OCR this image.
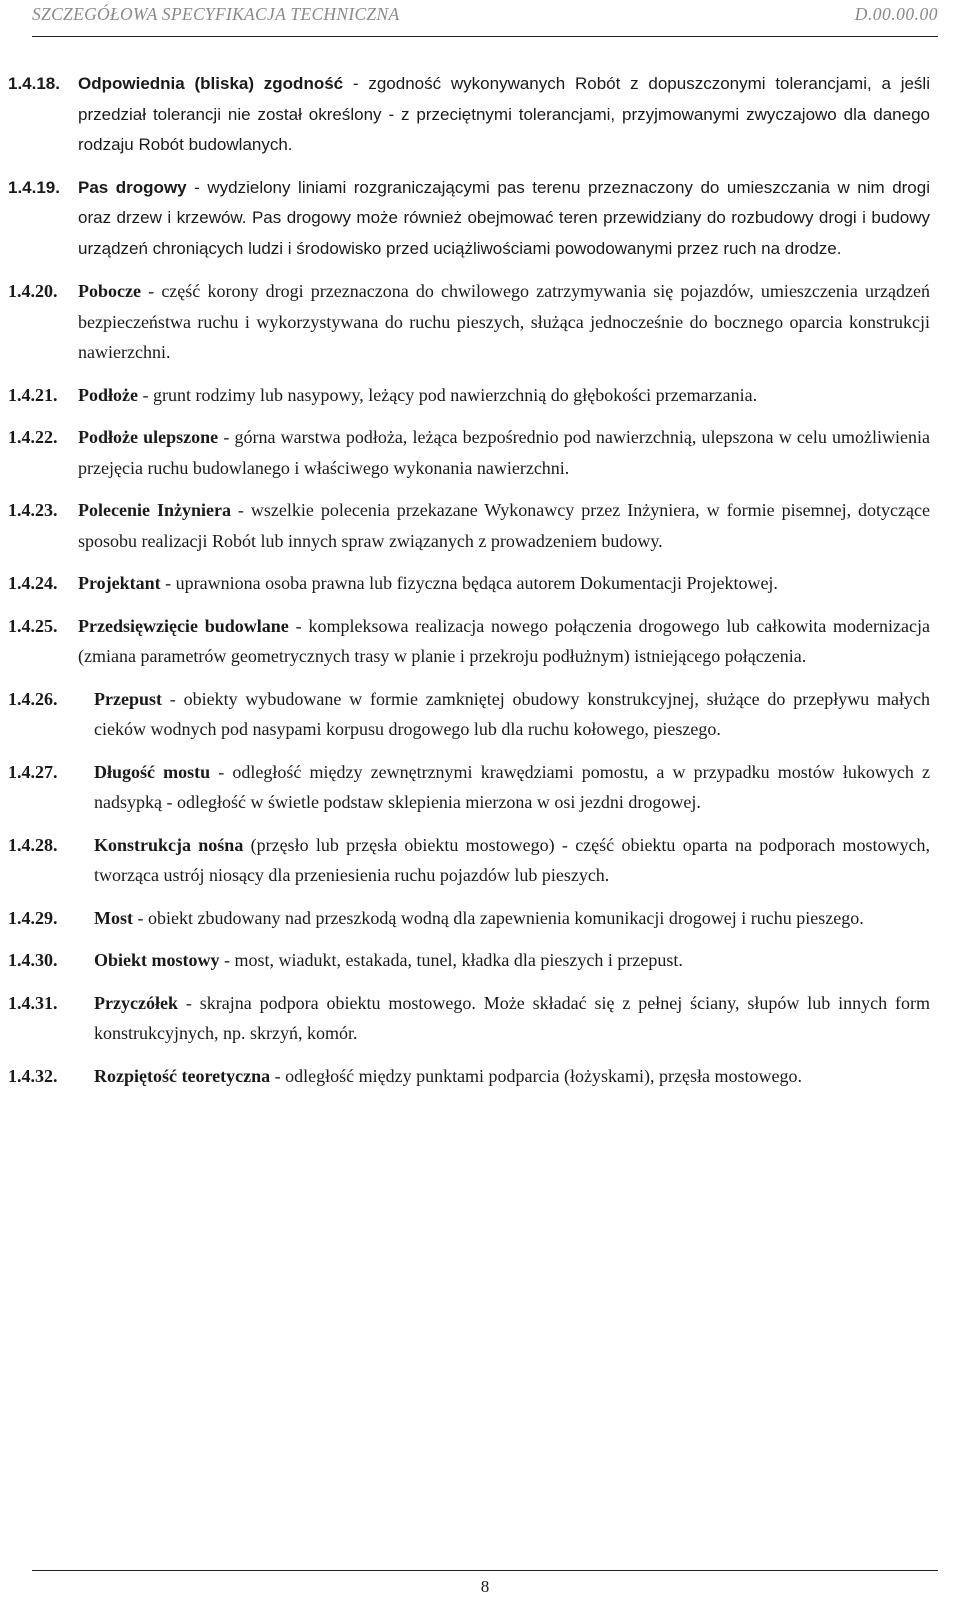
SZCZEGÓŁOWA SPECYFIKACJA TECHNICZNA	D.00.00.00
1.4.18. Odpowiednia (bliska) zgodność - zgodność wykonywanych Robót z dopuszczonymi tolerancjami, a jeśli przedział tolerancji nie został określony - z przeciętnymi tolerancjami, przyjmowanymi zwyczajowo dla danego rodzaju Robót budowlanych.
1.4.19. Pas drogowy - wydzielony liniami rozgraniczającymi pas terenu przeznaczony do umieszczania w nim drogi oraz drzew i krzewów. Pas drogowy może również obejmować teren przewidziany do rozbudowy drogi i budowy urządzeń chroniących ludzi i środowisko przed uciążliwościami powodowanymi przez ruch na drodze.
1.4.20. Pobocze - część korony drogi przeznaczona do chwilowego zatrzymywania się pojazdów, umieszczenia urządzeń bezpieczeństwa ruchu i wykorzystywana do ruchu pieszych, służąca jednocześnie do bocznego oparcia konstrukcji nawierzchni.
1.4.21. Podłoże - grunt rodzimy lub nasypowy, leżący pod nawierzchnią do głębokości przemarzania.
1.4.22. Podłoże ulepszone - górna warstwa podłoża, leżąca bezpośrednio pod nawierzchnią, ulepszona w celu umożliwienia przejęcia ruchu budowlanego i właściwego wykonania nawierzchni.
1.4.23. Polecenie Inżyniera - wszelkie polecenia przekazane Wykonawcy przez Inżyniera, w formie pisemnej, dotyczące sposobu realizacji Robót lub innych spraw związanych z prowadzeniem budowy.
1.4.24. Projektant - uprawniona osoba prawna lub fizyczna będąca autorem Dokumentacji Projektowej.
1.4.25. Przedsięwzięcie budowlane - kompleksowa realizacja nowego połączenia drogowego lub całkowita modernizacja (zmiana parametrów geometrycznych trasy w planie i przekroju podłużnym) istniejącego połączenia.
1.4.26. Przepust - obiekty wybudowane w formie zamkniętej obudowy konstrukcyjnej, służące do przepływu małych cieków wodnych pod nasypami korpusu drogowego lub dla ruchu kołowego, pieszego.
1.4.27. Długość mostu - odległość między zewnętrznymi krawędziami pomostu, a w przypadku mostów łukowych z nadsypką - odległość w świetle podstaw sklepienia mierzona w osi jezdni drogowej.
1.4.28. Konstrukcja nośna (przęsło lub przęsła obiektu mostowego) - część obiektu oparta na podporach mostowych, tworząca ustrój niosący dla przeniesienia ruchu pojazdów lub pieszych.
1.4.29. Most - obiekt zbudowany nad przeszkodą wodną dla zapewnienia komunikacji drogowej i ruchu pieszego.
1.4.30. Obiekt mostowy - most, wiadukt, estakada, tunel, kładka dla pieszych i przepust.
1.4.31. Przyczółek - skrajna podpora obiektu mostowego. Może składać się z pełnej ściany, słupów lub innych form konstrukcyjnych, np. skrzyń, komór.
1.4.32. Rozpiętość teoretyczna - odległość między punktami podparcia (łożyskami), przęsła mostowego.
8
